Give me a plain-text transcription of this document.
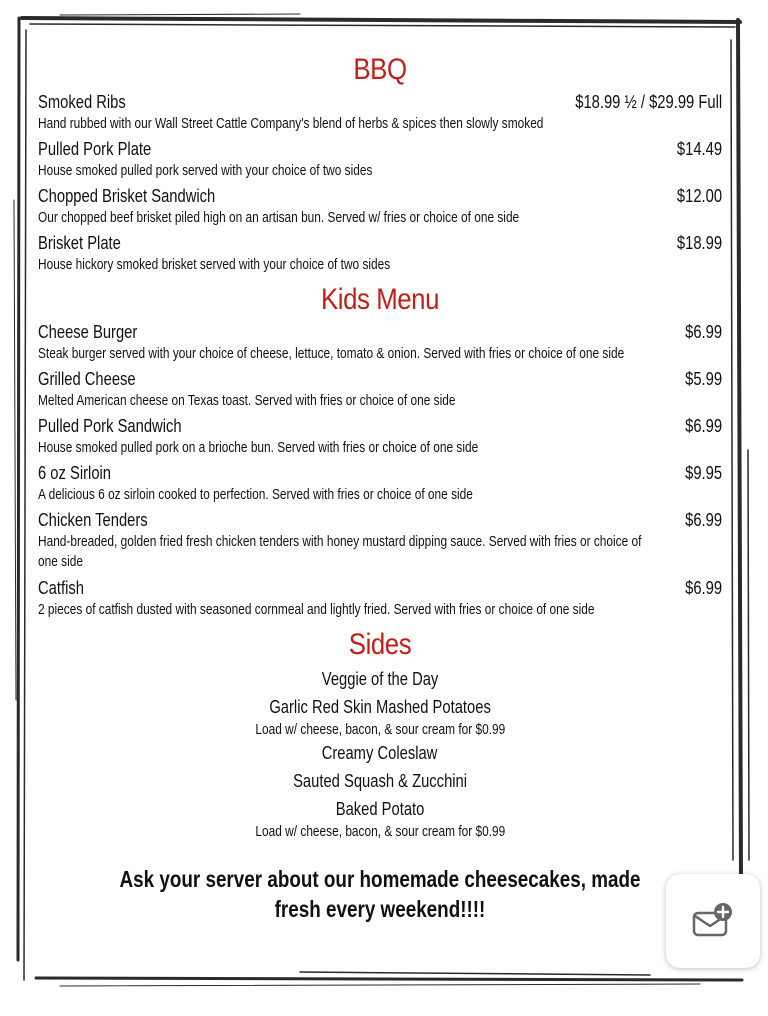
BBQ
Smoked Ribs	$18.99 ½ / $29.99 Full
Hand rubbed with our Wall Street Cattle Company's blend of herbs & spices then slowly smoked
Pulled Pork Plate	$14.49
House smoked pulled pork served with your choice of two sides
Chopped Brisket Sandwich	$12.00
Our chopped beef brisket piled high on an artisan bun. Served w/ fries or choice of one side
Brisket Plate	$18.99
House hickory smoked brisket served with your choice of two sides
Kids Menu
Cheese Burger	$6.99
Steak burger served with your choice of cheese, lettuce, tomato & onion. Served with fries or choice of one side
Grilled Cheese	$5.99
Melted American cheese on Texas toast. Served with fries or choice of one side
Pulled Pork Sandwich	$6.99
House smoked pulled pork on a brioche bun. Served with fries or choice of one side
6 oz Sirloin	$9.95
A delicious 6 oz sirloin cooked to perfection. Served with fries or choice of one side
Chicken Tenders	$6.99
Hand-breaded, golden fried fresh chicken tenders with honey mustard dipping sauce. Served with fries or choice of one side
Catfish	$6.99
2 pieces of catfish dusted with seasoned cornmeal and lightly fried. Served with fries or choice of one side
Sides
Veggie of the Day
Garlic Red Skin Mashed Potatoes
Load w/ cheese, bacon, & sour cream for $0.99
Creamy Coleslaw
Sauted Squash & Zucchini
Baked Potato
Load w/ cheese, bacon, & sour cream for $0.99
Ask your server about our homemade cheesecakes, made fresh every weekend!!!!
